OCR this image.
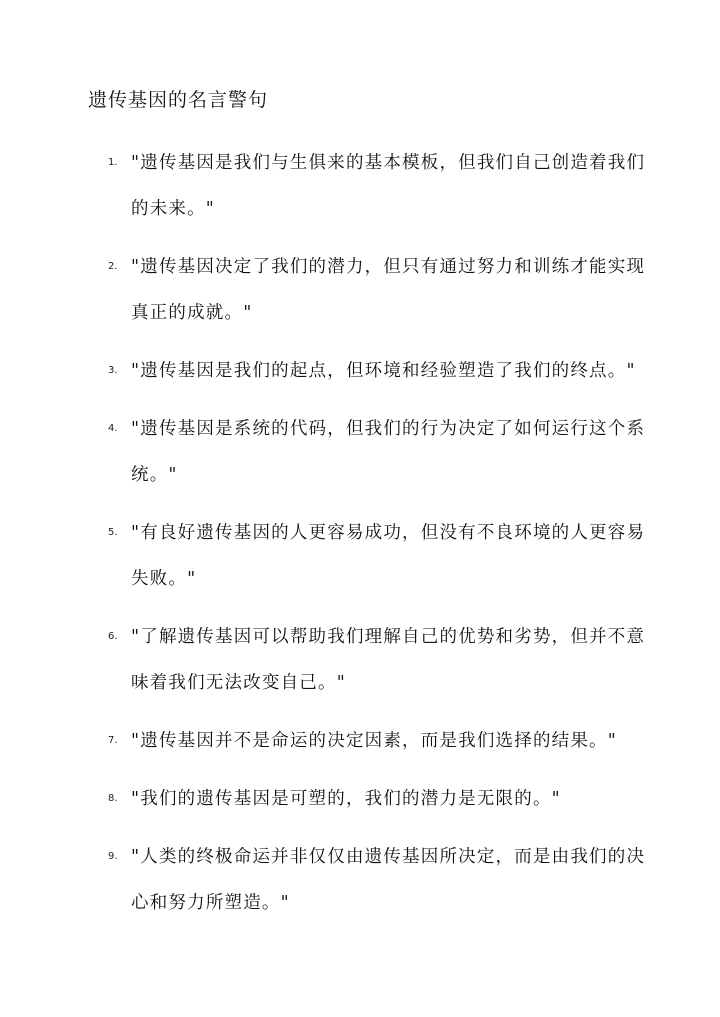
遗传基因的名言警句
1. "遗传基因是我们与生俱来的基本模板，但我们自己创造着我们的未来。"
2. "遗传基因决定了我们的潜力，但只有通过努力和训练才能实现真正的成就。"
3. "遗传基因是我们的起点，但环境和经验塑造了我们的终点。"
4. "遗传基因是系统的代码，但我们的行为决定了如何运行这个系统。"
5. "有良好遗传基因的人更容易成功，但没有不良环境的人更容易失败。"
6. "了解遗传基因可以帮助我们理解自己的优势和劣势，但并不意味着我们无法改变自己。"
7. "遗传基因并不是命运的决定因素，而是我们选择的结果。"
8. "我们的遗传基因是可塑的，我们的潜力是无限的。"
9. "人类的终极命运并非仅仅由遗传基因所决定，而是由我们的决心和努力所塑造。"
